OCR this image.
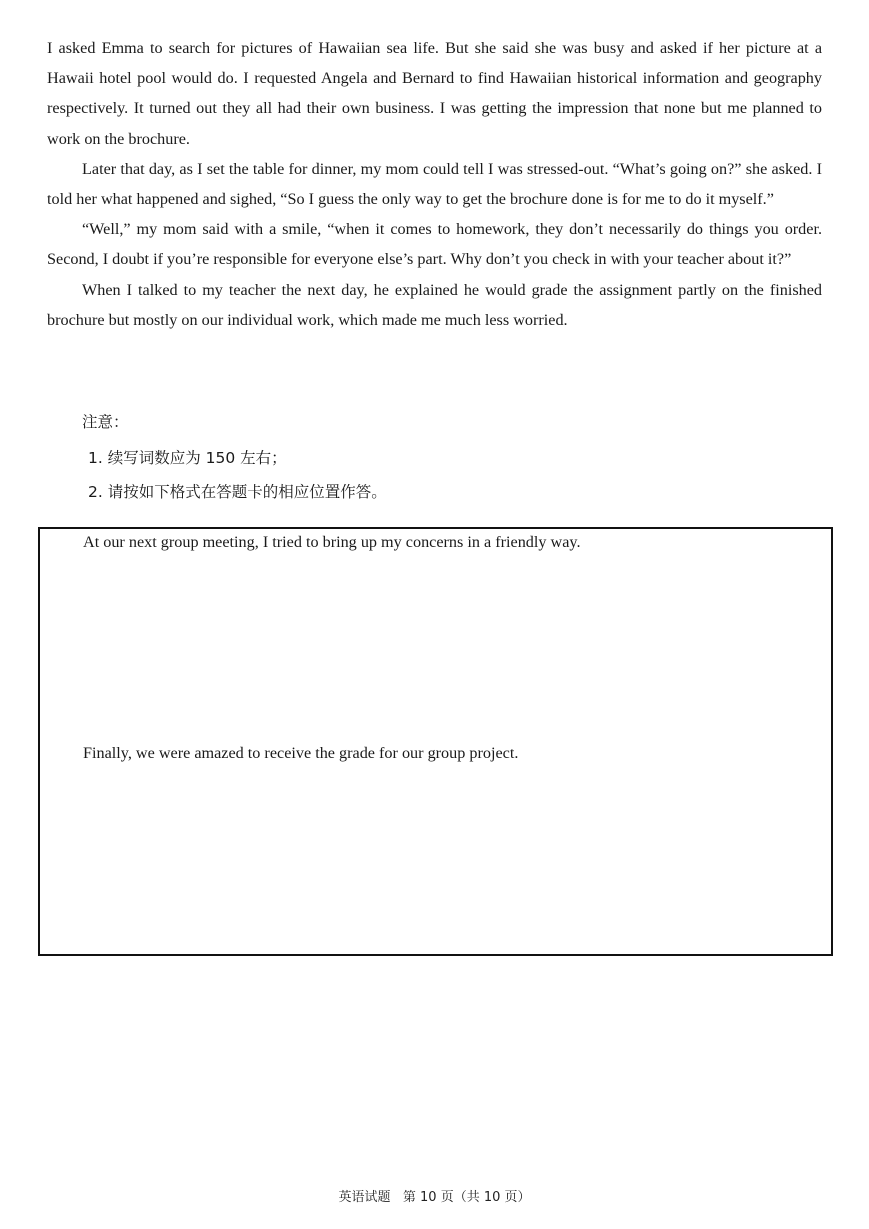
I asked Emma to search for pictures of Hawaiian sea life. But she said she was busy and asked if her picture at a Hawaii hotel pool would do. I requested Angela and Bernard to find Hawaiian historical information and geography respectively. It turned out they all had their own business. I was getting the impression that none but me planned to work on the brochure.

Later that day, as I set the table for dinner, my mom could tell I was stressed-out. “What’s going on?” she asked. I told her what happened and sighed, “So I guess the only way to get the brochure done is for me to do it myself.”

“Well,” my mom said with a smile, “when it comes to homework, they don’t necessarily do things you order. Second, I doubt if you’re responsible for everyone else’s part. Why don’t you check in with your teacher about it?”

When I talked to my teacher the next day, he explained he would grade the assignment partly on the finished brochure but mostly on our individual work, which made me much less worried.

注意：
1. 续写词数应为 150 左右；
2. 请按如下格式在答题卡的相应位置作答。

At our next group meeting, I tried to bring up my concerns in a friendly way.

Finally, we were amazed to receive the grade for our group project.

英语试题   第 10 页（共 10 页）
